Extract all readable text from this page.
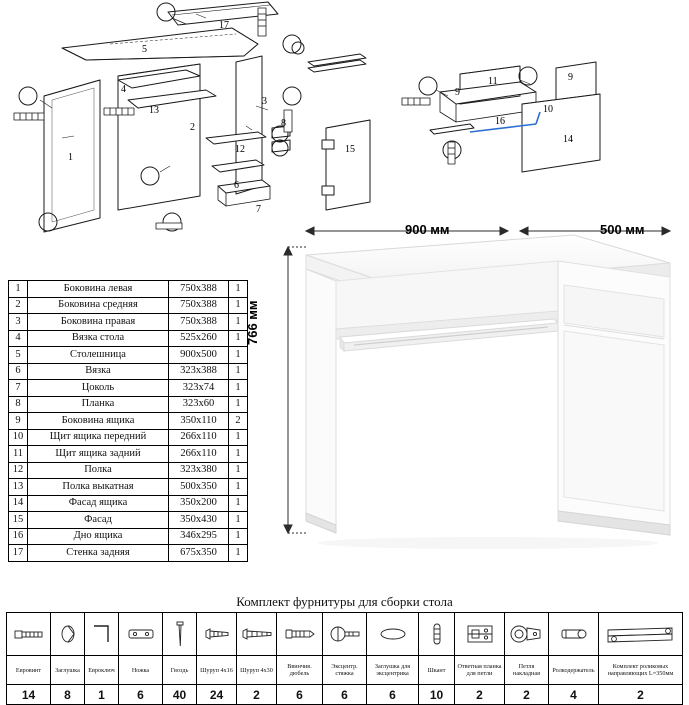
17
5
4
13
2
3
12
1
6
7
8
15
11	9
9
10
16
14
1	Боковина левая	750х388	1
2	Боковина средняя	750х388	1
3	Боковина правая	750х388	1
4	Вязка стола	525х260	1
5	Столешница	900х500	1
6	Вязка	323х388	1
7	Цоколь	323х74	1
8	Планка	323х60	1
9	Боковина ящика	350х110	2
10	Щит ящика передний	266х110	1
11	Щит ящика задний	266х110	1
12	Полка	323х380	1
13	Полка выкатная	500х350	1
14	Фасад ящика	350х200	1
15	Фасад	350х430	1
16	Дно ящика	346х295	1
17	Стенка задняя	675х350	1
900 мм	500 мм
766 мм
Комплект фурнитуры для сборки стола

Евровинт	Заглушка	Евроключ	Ножка	Гвоздь	Шуруп 4х16	Шуруп 4х30	Ввинчив. дюбель	Эксцентр. стяжка	Заглушка для эксцентрика	Шкант	Ответная планка для петли	Петля накладная	Ролкодержатель	Комплект роликовых направляющих L=350мм
14	8	1	6	40	24	2	6	6	6	10	2	2	4	2
